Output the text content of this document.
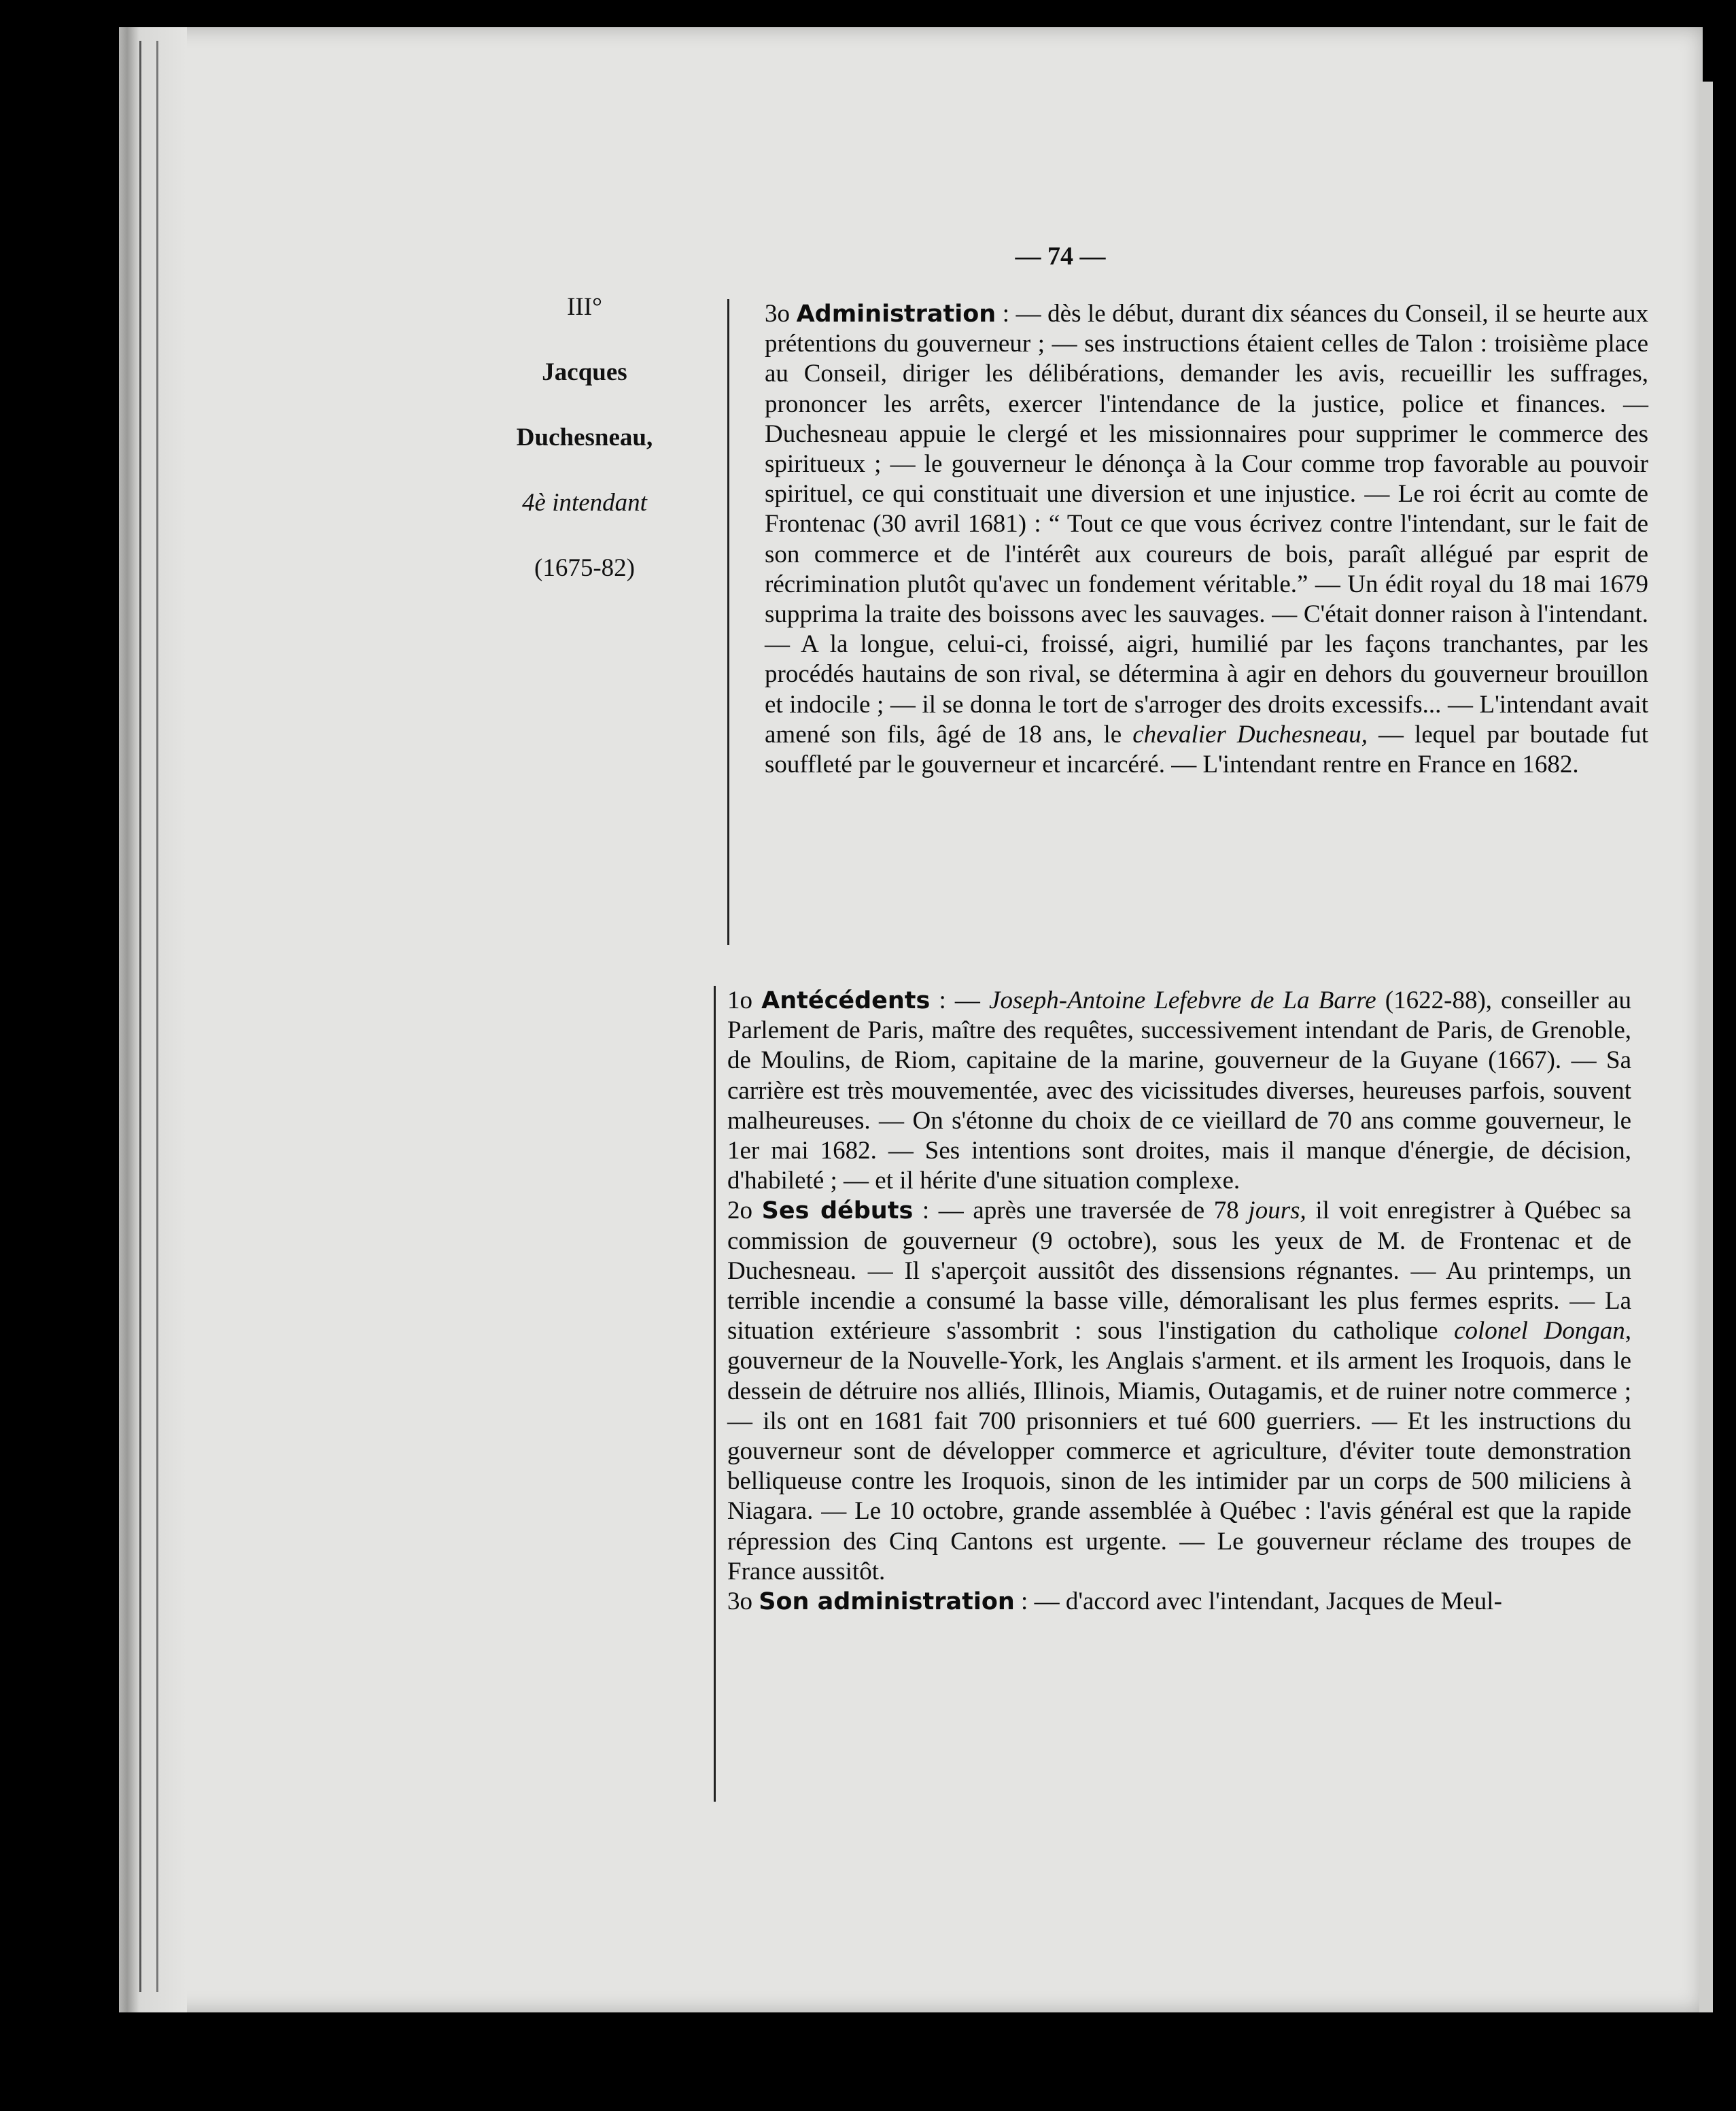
— 74 —
III°
Jacques
Duchesneau,
4è intendant
(1675-82)

3o Administration : — dès le début, durant dix séances du Conseil, il se heurte aux prétentions du gouverneur ; — ses instructions étaient celles de Talon : troisième place au Conseil, diriger les délibérations, demander les avis, recueillir les suffrages, prononcer les arrêts, exercer l'intendance de la justice, police et finances. — Duchesneau appuie le clergé et les missionnaires pour supprimer le commerce des spiritueux ; — le gouverneur le dénonça à la Cour comme trop favorable au pouvoir spirituel, ce qui constituait une diversion et une injustice. — Le roi écrit au comte de Frontenac (30 avril 1681) : “ Tout ce que vous écrivez contre l'intendant, sur le fait de son commerce et de l'intérêt aux coureurs de bois, paraît allégué par esprit de récrimination plutôt qu'avec un fondement véritable.” — Un édit royal du 18 mai 1679 supprima la traite des boissons avec les sauvages. — C'était donner raison à l'intendant. — A la longue, celui-ci, froissé, aigri, humilié par les façons tranchantes, par les procédés hautains de son rival, se détermina à agir en dehors du gouverneur brouillon et indocile ; — il se donna le tort de s'arroger des droits excessifs... — L'intendant avait amené son fils, âgé de 18 ans, le chevalier Duchesneau, — lequel par boutade fut souffleté par le gouverneur et incarcéré. — L'intendant rentre en France en 1682.

1o Antécédents : — Joseph-Antoine Lefebvre de La Barre (1622-88), conseiller au Parlement de Paris, maître des requêtes, successivement intendant de Paris, de Grenoble, de Moulins, de Riom, capitaine de la marine, gouverneur de la Guyane (1667). — Sa carrière est très mouvementée, avec des vicissitudes diverses, heureuses parfois, souvent malheureuses. — On s'étonne du choix de ce vieillard de 70 ans comme gouverneur, le 1er mai 1682. — Ses intentions sont droites, mais il manque d'énergie, de décision, d'habileté ; — et il hérite d'une situation complexe.

2o Ses débuts : — après une traversée de 78 jours, il voit enregistrer à Québec sa commission de gouverneur (9 octobre), sous les yeux de M. de Frontenac et de Duchesneau. — Il s'aperçoit aussitôt des dissensions régnantes. — Au printemps, un terrible incendie a consumé la basse ville, démoralisant les plus fermes esprits. — La situation extérieure s'assombrit : sous l'instigation du catholique colonel Dongan, gouverneur de la Nouvelle-York, les Anglais s'arment. et ils arment les Iroquois, dans le dessein de détruire nos alliés, Illinois, Miamis, Outagamis, et de ruiner notre commerce ; — ils ont en 1681 fait 700 prisonniers et tué 600 guerriers. — Et les instructions du gouverneur sont de développer commerce et agriculture, d'éviter toute demonstration belliqueuse contre les Iroquois, sinon de les intimider par un corps de 500 miliciens à Niagara. — Le 10 octobre, grande assemblée à Québec : l'avis général est que la rapide répression des Cinq Cantons est urgente. — Le gouverneur réclame des troupes de France aussitôt.

3o Son administration : — d'accord avec l'intendant, Jacques de Meul-
